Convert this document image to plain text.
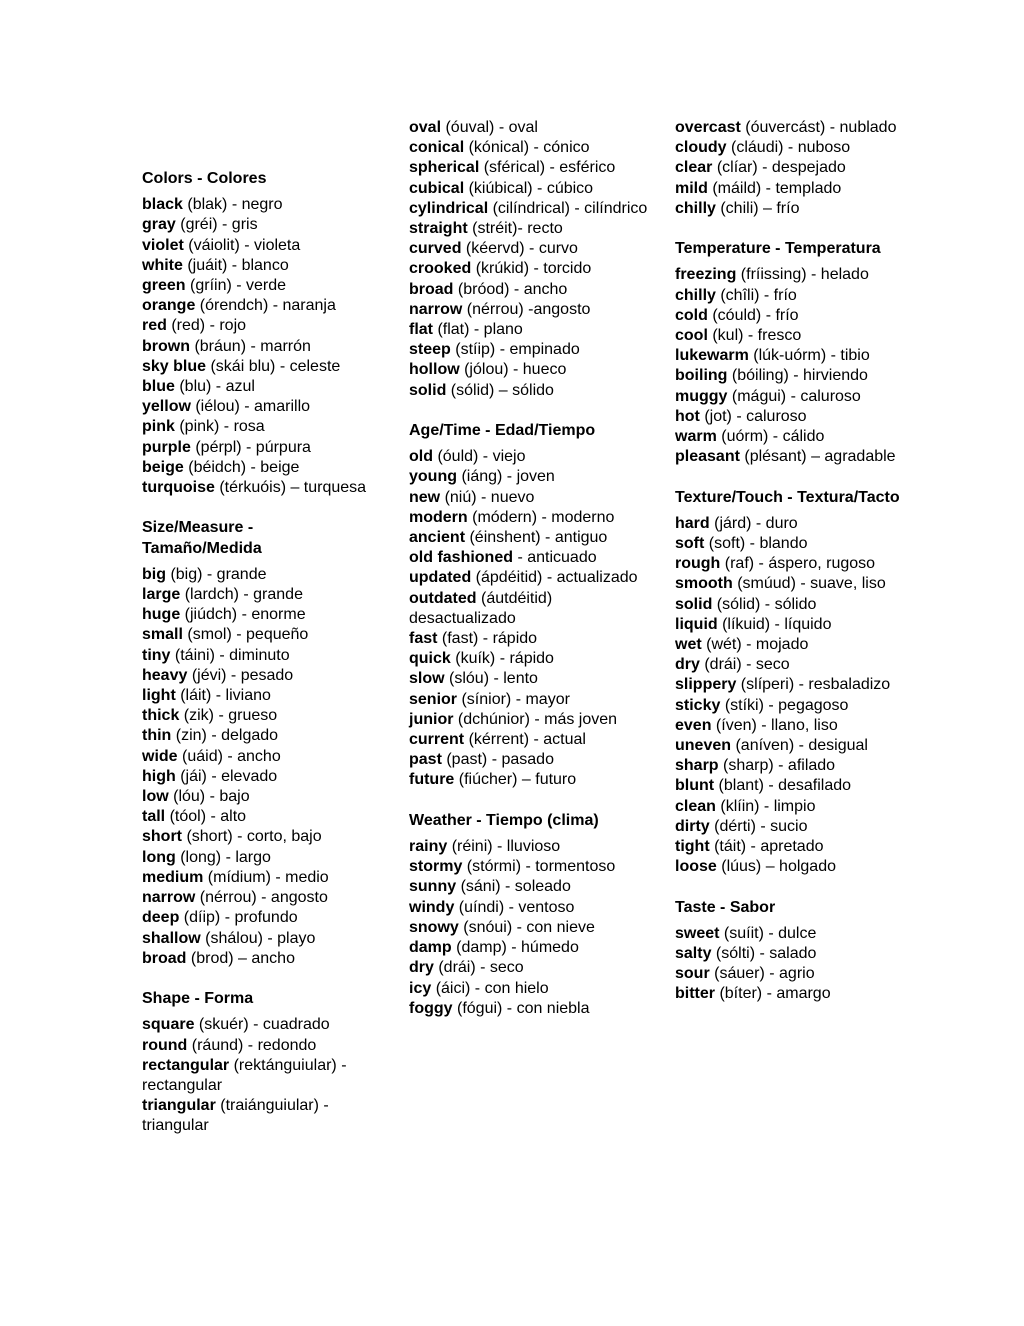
Colors - Colores
black (blak) - negro
gray (gréi) - gris
violet (váiolit) - violeta
white (juáit) - blanco
green (gríin) - verde
orange (órendch) - naranja
red (red) - rojo
brown (bráun) - marrón
sky blue (skái blu) - celeste
blue (blu) - azul
yellow (iélou) - amarillo
pink (pink) - rosa
purple (pérpl) - púrpura
beige (béidch) - beige
turquoise (térkuóis) – turquesa
Size/Measure - Tamaño/Medida
big (big) - grande
large (lardch) - grande
huge (jiúdch) - enorme
small (smol) - pequeño
tiny (táini) - diminuto
heavy (jévi) - pesado
light (láit) - liviano
thick (zik) - grueso
thin (zin) - delgado
wide (uáid) - ancho
high (jái) - elevado
low (lóu) - bajo
tall (tóol) - alto
short (short) - corto, bajo
long (long) - largo
medium (mídium) - medio
narrow (nérrou) - angosto
deep (díip) - profundo
shallow (shálou) - playo
broad (brod) – ancho
Shape - Forma
square (skuér) - cuadrado
round (ráund) - redondo
rectangular (rektánguiular) - rectangular
triangular (traiánguiular) - triangular
oval (óuval) - oval
conical (kónical) - cónico
spherical (sférical) - esférico
cubical (kiúbical) - cúbico
cylindrical (cilíndrical) - cilíndrico
straight (stréit)- recto
curved (kéervd) - curvo
crooked (krúkid) - torcido
broad (bróod) - ancho
narrow (nérrou) -angosto
flat (flat) - plano
steep (stíip) - empinado
hollow (jólou) - hueco
solid (sólid) – sólido
Age/Time - Edad/Tiempo
old (óuld) - viejo
young (iáng) - joven
new (niú) - nuevo
modern (módern) - moderno
ancient (éinshent) - antiguo
old fashioned - anticuado
updated (ápdéitid) - actualizado
outdated (áutdéitid) desactualizado
fast (fast) - rápido
quick (kuík) - rápido
slow (slóu) - lento
senior (sínior) - mayor
junior (dchúnior) - más joven
current (kérrent) - actual
past (past) - pasado
future (fiúcher) – futuro
Weather - Tiempo (clima)
rainy (réini) - lluvioso
stormy (stórmi) - tormentoso
sunny (sáni) - soleado
windy (uíndi) - ventoso
snowy (snóui) - con nieve
damp (damp) - húmedo
dry (drái) - seco
icy (áici) - con hielo
foggy (fógui) - con niebla
overcast (óuvercást) - nublado
cloudy (cláudi) - nuboso
clear (clíar) - despejado
mild (máild) - templado
chilly (chili) – frío
Temperature - Temperatura
freezing (fríissing) - helado
chilly (chîli) - frío
cold (cóuld) - frío
cool (kul) - fresco
lukewarm (lúk-uórm) - tibio
boiling (bóiling) - hirviendo
muggy (mágui) - caluroso
hot (jot) - caluroso
warm (uórm) - cálido
pleasant (plésant) – agradable
Texture/Touch - Textura/Tacto
hard (járd) - duro
soft (soft) - blando
rough (raf) - áspero, rugoso
smooth (smúud) - suave, liso
solid (sólid) - sólido
liquid (líkuid) - líquido
wet (wét) - mojado
dry (drái) - seco
slippery (slíperi) - resbaladizo
sticky (stíki) - pegagoso
even (íven) - llano, liso
uneven (aníven) - desigual
sharp (sharp) - afilado
blunt (blant) - desafilado
clean (klíin) - limpio
dirty (dérti) - sucio
tight (táit) - apretado
loose (lúus) – holgado
Taste - Sabor
sweet (suíit) - dulce
salty (sólti) - salado
sour (sáuer) - agrio
bitter (bíter) - amargo
